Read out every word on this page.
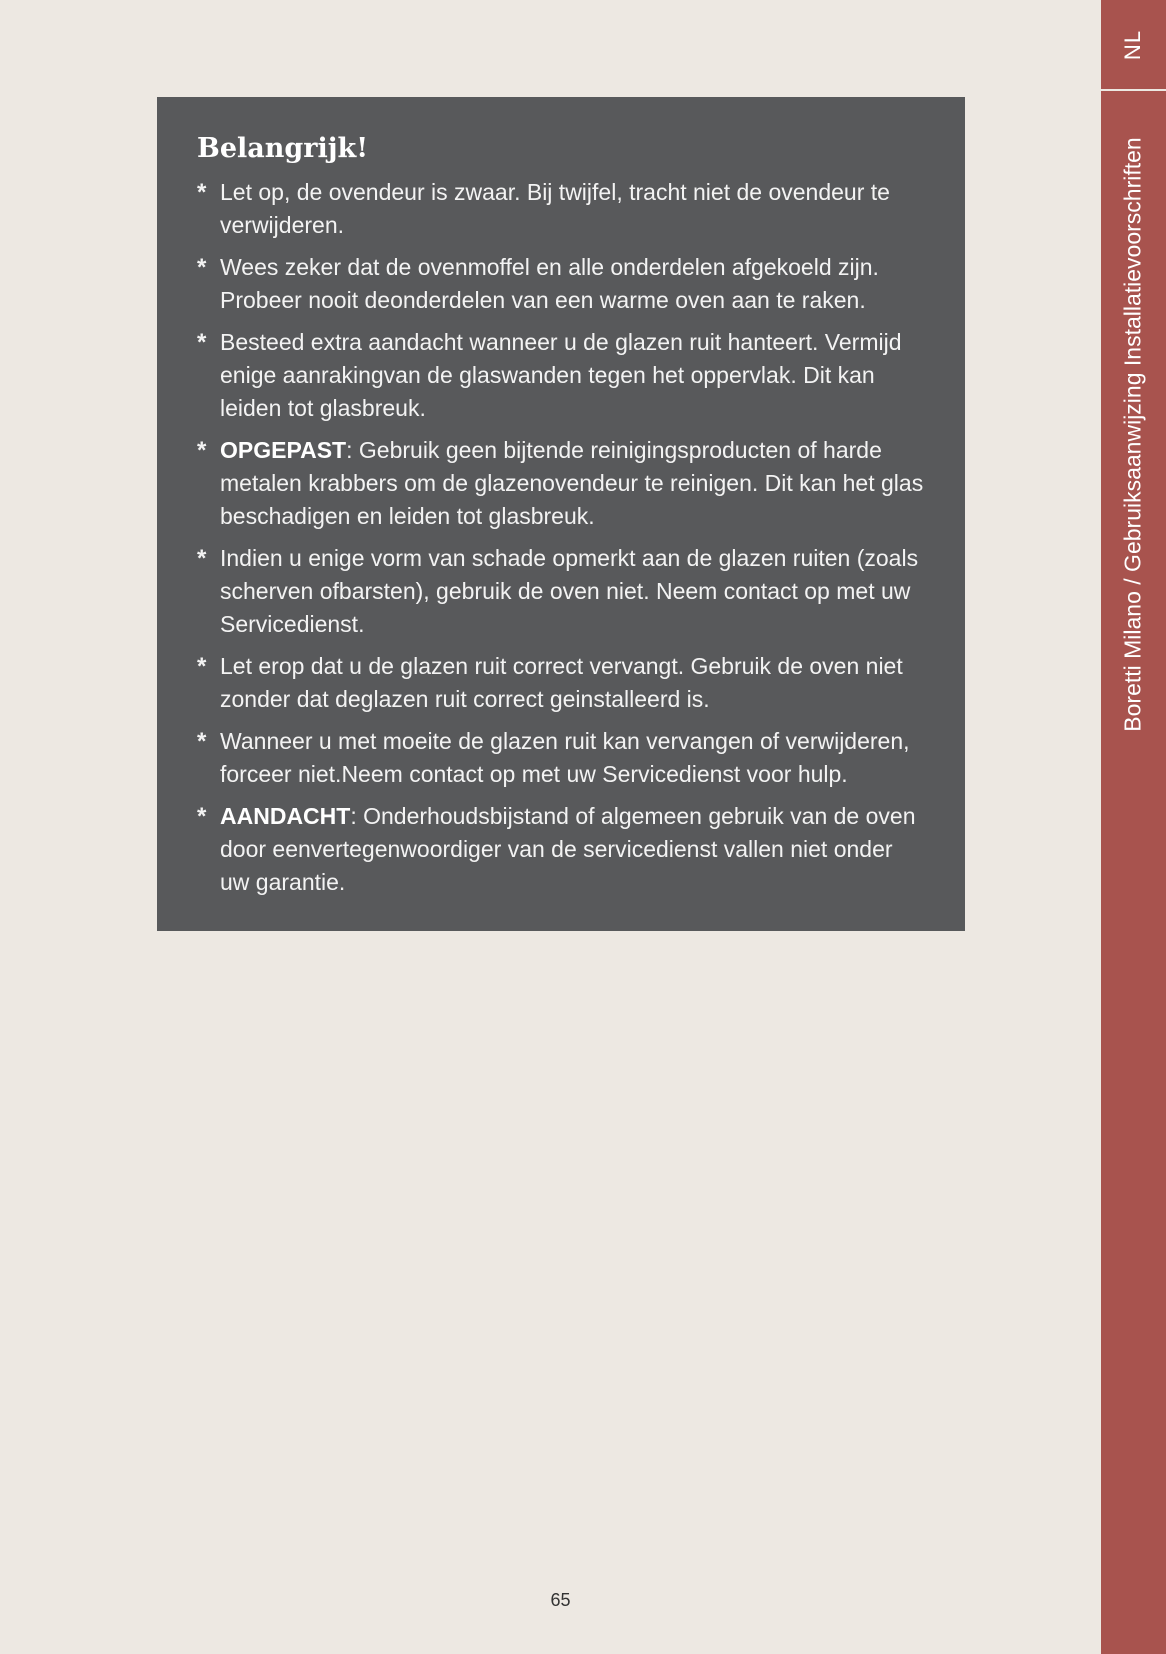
NL
Boretti Milano / Gebruiksaanwijzing Installatievoorschriften
Belangrijk!
* Let op, de ovendeur is zwaar. Bij twijfel, tracht niet de ovendeur te verwijderen.
* Wees zeker dat de ovenmoffel en alle onderdelen afgekoeld zijn. Probeer nooit deonderdelen van een warme oven aan te raken.
* Besteed extra aandacht wanneer u de glazen ruit hanteert. Vermijd enige aanrakingvan de glaswanden tegen het oppervlak. Dit kan leiden tot glasbreuk.
* OPGEPAST: Gebruik geen bijtende reinigingsproducten of harde metalen krabbers om de glazenovendeur te reinigen. Dit kan het glas beschadigen en leiden tot glasbreuk.
* Indien u enige vorm van schade opmerkt aan de glazen ruiten (zoals scherven ofbarsten), gebruik de oven niet. Neem contact op met uw Servicedienst.
* Let erop dat u de glazen ruit correct vervangt. Gebruik de oven niet zonder dat deglazen ruit correct geinstalleerd is.
* Wanneer u met moeite de glazen ruit kan vervangen of verwijderen, forceer niet.Neem contact op met uw Servicedienst voor hulp.
* AANDACHT: Onderhoudsbijstand of algemeen gebruik van de oven door eenvertegenwoordiger van de servicedienst vallen niet onder uw garantie.
65
